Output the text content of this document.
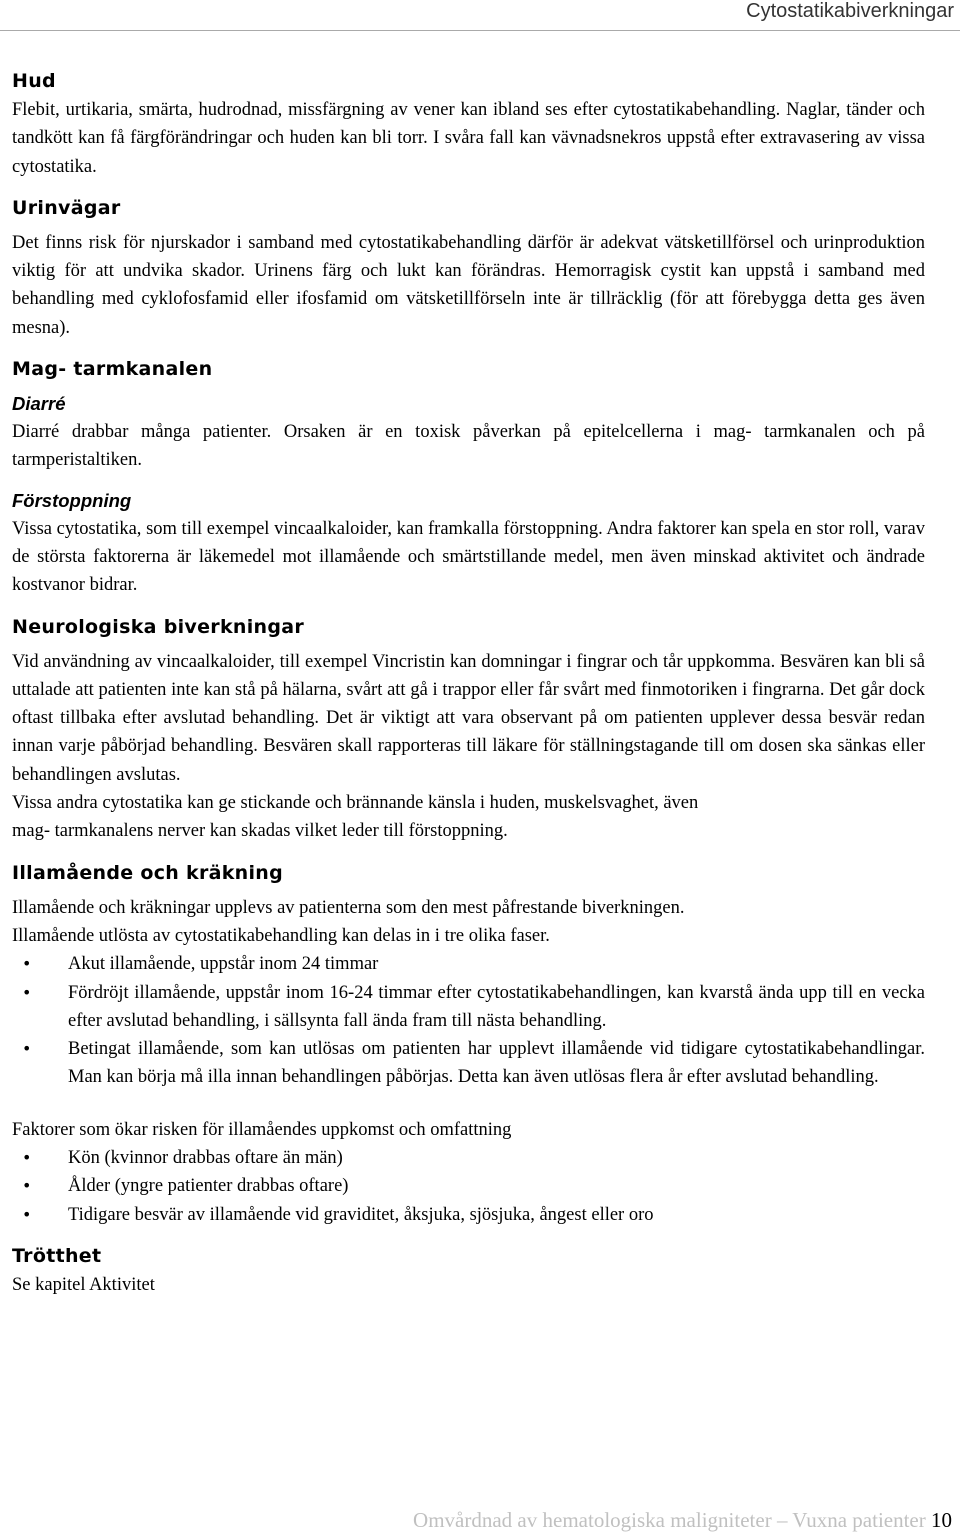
Cytostatikabiverkningar
Hud

Flebit, urtikaria, smärta, hudrodnad, missfärgning av vener kan ibland ses efter cytostatikabehandling. Naglar, tänder och tandkött kan få färgförändringar och huden kan bli torr. I svåra fall kan vävnadsnekros uppstå efter extravasering av vissa cytostatika.

Urinvägar

Det finns risk för njurskador i samband med cytostatikabehandling därför är adekvat vätsketillförsel och urinproduktion viktig för att undvika skador. Urinens färg och lukt kan förändras. Hemorragisk cystit kan uppstå i samband med behandling med cyklofosfamid eller ifosfamid om vätsketillförseln inte är tillräcklig (för att förebygga detta ges även mesna).

Mag- tarmkanalen
Diarré

Diarré drabbar många patienter. Orsaken är en toxisk påverkan på epitelcellerna i mag- tarmkanalen och på tarmperistaltiken.

Förstoppning

Vissa cytostatika, som till exempel vincaalkaloider, kan framkalla förstoppning. Andra faktorer kan spela en stor roll, varav de största faktorerna är läkemedel mot illamående och smärtstillande medel, men även minskad aktivitet och ändrade kostvanor bidrar.

Neurologiska biverkningar

Vid användning av vincaalkaloider, till exempel Vincristin kan domningar i fingrar och tår uppkomma. Besvären kan bli så uttalade att patienten inte kan stå på hälarna, svårt att gå i trappor eller får svårt med finmotoriken i fingrarna. Det går dock oftast tillbaka efter avslutad behandling. Det är viktigt att vara observant på om patienten upplever dessa besvär redan innan varje påbörjad behandling. Besvären skall rapporteras till läkare för ställningstagande till om dosen ska sänkas eller behandlingen avslutas.

Vissa andra cytostatika kan ge stickande och brännande känsla i huden, muskelsvaghet, även

mag- tarmkanalens nerver kan skadas vilket leder till förstoppning.

Illamående och kräkning

Illamående och kräkningar upplevs av patienterna som den mest påfrestande biverkningen.

Illamående utlösta av cytostatikabehandling kan delas in i tre olika faser.

• Akut illamående, uppstår inom 24 timmar
• Fördröjt illamående, uppstår inom 16-24 timmar efter cytostatikabehandlingen, kan kvarstå ända upp till en vecka efter avslutad behandling, i sällsynta fall ända fram till nästa behandling.
• Betingat illamående, som kan utlösas om patienten har upplevt illamående vid tidigare cytostatikabehandlingar. Man kan börja må illa innan behandlingen påbörjas. Detta kan även utlösas flera år efter avslutad behandling.

Faktorer som ökar risken för illamåendes uppkomst och omfattning

• Kön (kvinnor drabbas oftare än män)
• Ålder (yngre patienter drabbas oftare)
• Tidigare besvär av illamående vid graviditet, åksjuka, sjösjuka, ångest eller oro
Trötthet

Se kapitel Aktivitet

Omvårdnad av hematologiska maligniteter – Vuxna patienter 10
